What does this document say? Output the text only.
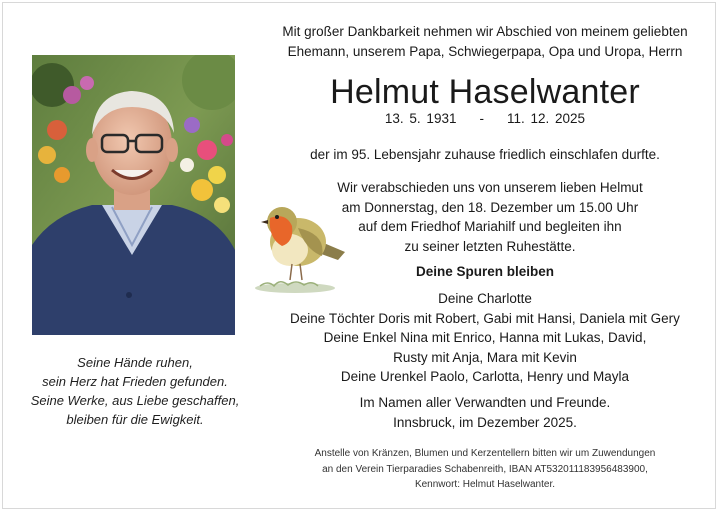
Seine Hände ruhen,
sein Herz hat Frieden gefunden.
Seine Werke, aus Liebe geschaffen,
bleiben für die Ewigkeit.
Mit großer Dankbarkeit nehmen wir Abschied von meinem geliebten
Ehemann, unserem Papa, Schwiegerpapa, Opa und Uropa, Herrn
Helmut Haselwanter
13. 5. 1931 - 11. 12. 2025
der im 95. Lebensjahr zuhause friedlich einschlafen durfte.
Wir verabschieden uns von unserem lieben Helmut
am Donnerstag, den 18. Dezember um 15.00 Uhr
auf dem Friedhof Mariahilf und begleiten ihn
zu seiner letzten Ruhestätte.
Deine Spuren bleiben
Deine Charlotte
Deine Töchter Doris mit Robert, Gabi mit Hansi, Daniela mit Gery
Deine Enkel Nina mit Enrico, Hanna mit Lukas, David,
Rusty mit Anja, Mara mit Kevin
Deine Urenkel Paolo, Carlotta, Henry und Mayla
Im Namen aller Verwandten und Freunde.
Innsbruck, im Dezember 2025.
Anstelle von Kränzen, Blumen und Kerzentellern bitten wir um Zuwendungen
an den Verein Tierparadies Schabenreith, IBAN AT532011183956483900,
Kennwort: Helmut Haselwanter.
